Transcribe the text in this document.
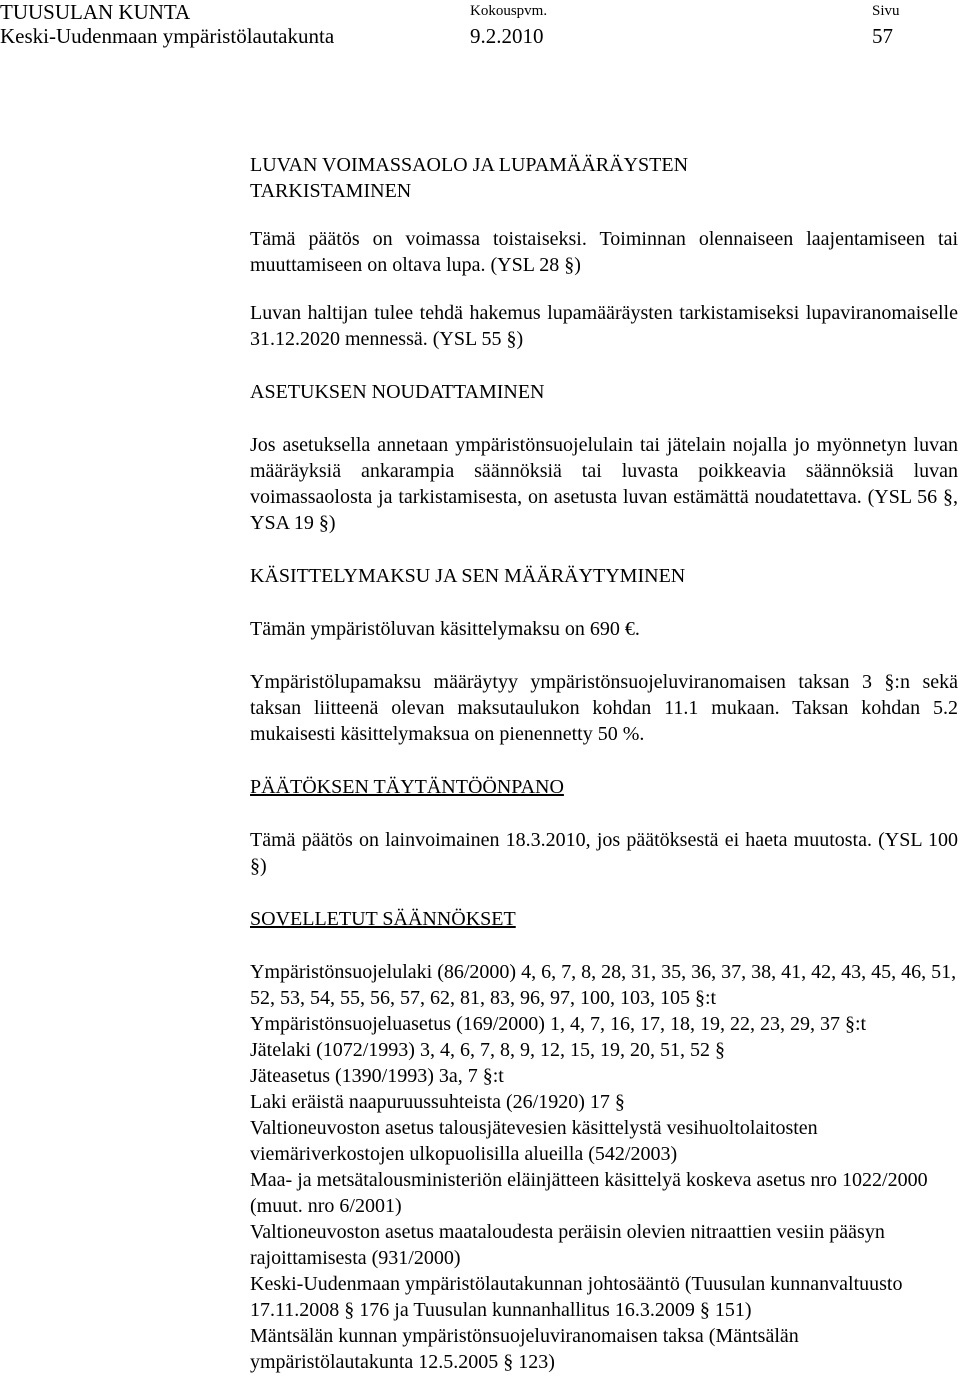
TUUSULAN KUNTA
Keski-Uudenmaan ympäristölautakunta
Kokouspvm.
9.2.2010
Sivu
57
LUVAN VOIMASSAOLO JA LUPAMÄÄRÄYSTEN
TARKISTAMINEN

Tämä päätös on voimassa toistaiseksi. Toiminnan olennaiseen laajentamiseen tai muuttamiseen on oltava lupa. (YSL 28 §)

Luvan haltijan tulee tehdä hakemus lupamääräysten tarkistamiseksi lupaviranomaiselle 31.12.2020 mennessä. (YSL 55 §)

ASETUKSEN NOUDATTAMINEN

Jos asetuksella annetaan ympäristönsuojelulain tai jätelain nojalla jo myönnetyn luvan määräyksiä ankarampia säännöksiä tai luvasta poikkeavia säännöksiä luvan voimassaolosta ja tarkistamisesta, on asetusta luvan estämättä noudatettava. (YSL 56 §, YSA 19 §)

KÄSITTELYMAKSU JA SEN MÄÄRÄYTYMINEN

Tämän ympäristöluvan käsittelymaksu on 690 €.

Ympäristölupamaksu määräytyy ympäristönsuojeluviranomaisen taksan 3 §:n sekä taksan liitteenä olevan maksutaulukon kohdan 11.1 mukaan. Taksan kohdan 5.2 mukaisesti käsittelymaksua on pienennetty 50 %.

PÄÄTÖKSEN TÄYTÄNTÖÖNPANO

Tämä päätös on lainvoimainen 18.3.2010, jos päätöksestä ei haeta muutosta. (YSL 100 §)

SOVELLETUT SÄÄNNÖKSET
Ympäristönsuojelulaki (86/2000) 4, 6, 7, 8, 28, 31, 35, 36, 37, 38, 41, 42, 43, 45, 46, 51, 52, 53, 54, 55, 56, 57, 62, 81, 83, 96, 97, 100, 103, 105 §:t
Ympäristönsuojeluasetus (169/2000) 1, 4, 7, 16, 17, 18, 19, 22, 23, 29, 37 §:t
Jätelaki (1072/1993) 3, 4, 6, 7, 8, 9, 12, 15, 19, 20, 51, 52 §
Jäteasetus (1390/1993) 3a, 7 §:t
Laki eräistä naapuruussuhteista (26/1920) 17 §
Valtioneuvoston asetus talousjätevesien käsittelystä vesihuoltolaitosten viemäriverkostojen ulkopuolisilla alueilla (542/2003)
Maa- ja metsätalousministeriön eläinjätteen käsittelyä koskeva asetus nro 1022/2000 (muut. nro 6/2001)
Valtioneuvoston asetus maataloudesta peräisin olevien nitraattien vesiin pääsyn rajoittamisesta (931/2000)
Keski-Uudenmaan ympäristölautakunnan johtosääntö (Tuusulan kunnanvaltuusto 17.11.2008 § 176 ja Tuusulan kunnanhallitus 16.3.2009 § 151)
Mäntsälän kunnan ympäristönsuojeluviranomaisen taksa (Mäntsälän ympäristölautakunta 12.5.2005 § 123)
